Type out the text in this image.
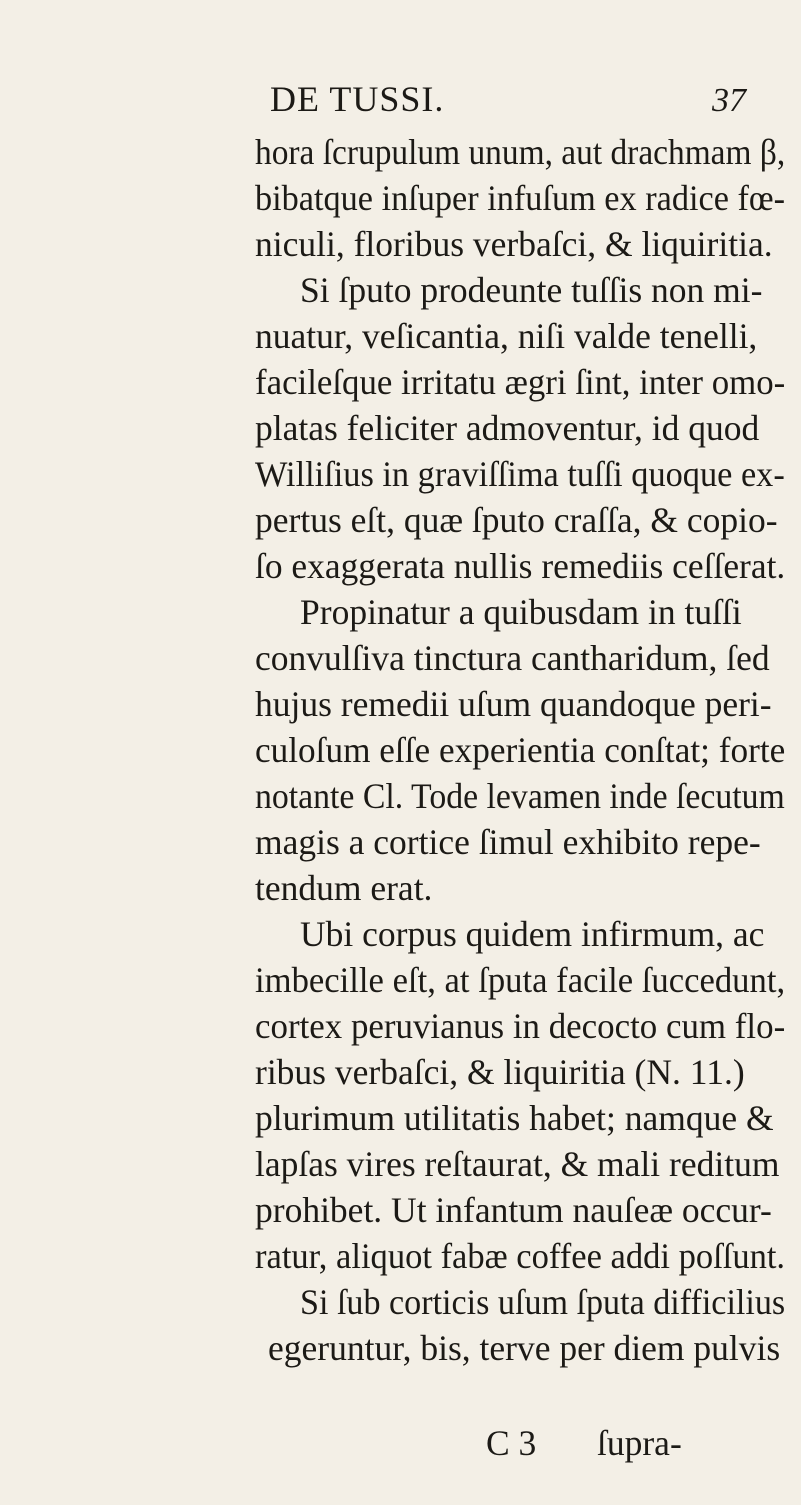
DE TUSSI.	37
hora ſcrupulum unum, aut drachmam β,
bibatque inſuper infuſum ex radice fœ-
niculi, floribus verbaſci, & liquiritia.
Si ſputo prodeunte tuſſis non mi-
nuatur, veſicantia, niſi valde tenelli,
facileſque irritatu ægri ſint, inter omo-
platas feliciter admoventur, id quod
Williſius in graviſſima tuſſi quoque ex-
pertus eſt, quæ ſputo craſſa, & copio-
ſo exaggerata nullis remediis ceſſerat.
Propinatur a quibusdam in tuſſi
convulſiva tinctura cantharidum, ſed
hujus remedii uſum quandoque peri-
culoſum eſſe experientia conſtat; forte
notante Cl. Tode levamen inde ſecutum
magis a cortice ſimul exhibito repe-
tendum erat.
Ubi corpus quidem infirmum, ac
imbecille eſt, at ſputa facile ſuccedunt,
cortex peruvianus in decocto cum flo-
ribus verbaſci, & liquiritia (N. 11.)
plurimum utilitatis habet; namque &
lapſas vires reſtaurat, & mali reditum
prohibet. Ut infantum nauſeæ occur-
ratur, aliquot fabæ coffee addi poſſunt.
Si ſub corticis uſum ſputa difficilius
egeruntur, bis, terve per diem pulvis
C 3 ſupra-
